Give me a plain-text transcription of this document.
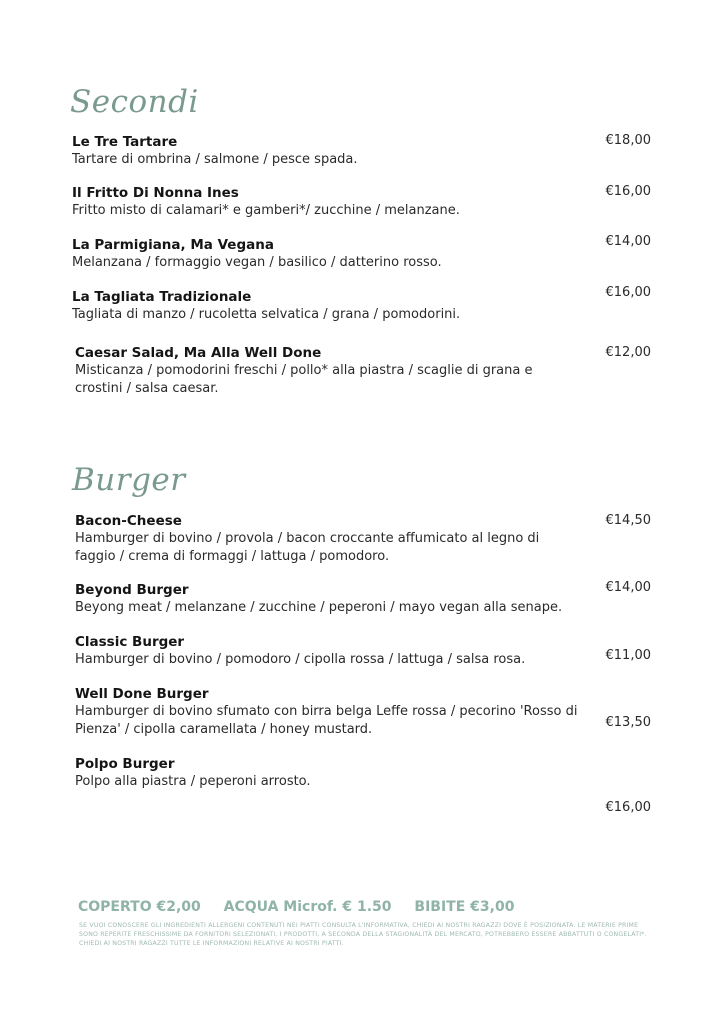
Secondi

Le Tre Tartare

Tartare di ombrina / salmone / pesce spada.

€18,00

Il Fritto Di Nonna Ines

Fritto misto di calamari* e gamberi*/ zucchine / melanzane.

€16,00

La Parmigiana, Ma Vegana

Melanzana / formaggio vegan / basilico / datterino rosso.

€14,00

La Tagliata Tradizionale

Tagliata di manzo / rucoletta selvatica / grana / pomodorini.

€16,00

Caesar Salad, Ma Alla Well Done

Misticanza / pomodorini freschi / pollo* alla piastra / scaglie di grana e crostini / salsa caesar.

€12,00
Burger

Bacon-Cheese

Hamburger di bovino / provola / bacon croccante affumicato al legno di faggio / crema di formaggi / lattuga / pomodoro.

€14,50

Beyond Burger

Beyong meat / melanzane / zucchine / peperoni / mayo vegan alla senape.

€14,00

Classic Burger

Hamburger di bovino / pomodoro / cipolla rossa / lattuga / salsa rosa.	€11,00

Well Done Burger

Hamburger di bovino sfumato con birra belga Leffe rossa / pecorino 'Rosso di Pienza' / cipolla caramellata / honey mustard.	€13,50

Polpo Burger

Polpo alla piastra / peperoni arrosto.

€16,00
COPERTO €2,00 ACQUA Microf. € 1.50 BIBITE €3,00
SE VUOI CONOSCERE GLI INGREDIENTI ALLERGENI CONTENUTI NEI PIATTI CONSULTA L'INFORMATIVA, CHIEDI AI NOSTRI RAGAZZI DOVE È POSIZIONATA. LE MATERIE PRIME SONO REPERITE FRESCHISSIME DA FORNITORI SELEZIONATI. I PRODOTTI, A SECONDA DELLA STAGIONALITÀ DEL MERCATO, POTREBBERO ESSERE ABBATTUTI O CONGELATI*. CHIEDI AI NOSTRI RAGAZZI TUTTE LE INFORMAZIONI RELATIVE AI NOSTRI PIATTI.
